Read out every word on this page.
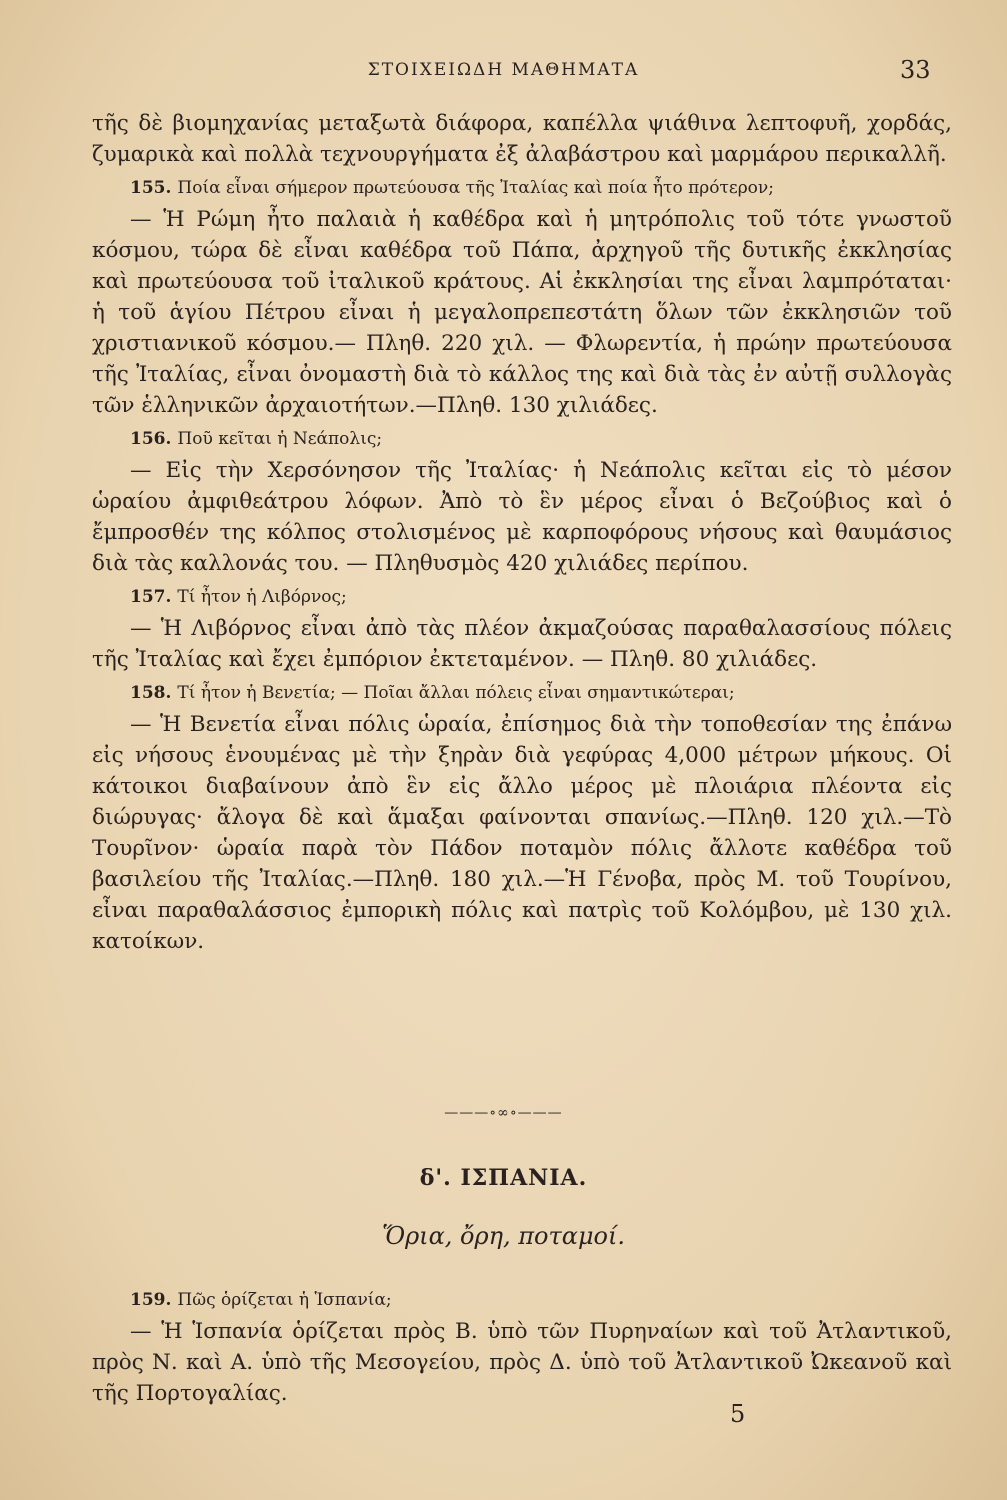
ΣΤΟΙΧΕΙΩΔΗ ΜΑΘΗΜΑΤΑ	33

τῆς δὲ βιομηχανίας μεταξωτὰ διάφορα, καπέλλα ψιάθινα λεπτοφυῆ, χορδάς, ζυμαρικὰ καὶ πολλὰ τεχνουργήματα ἐξ ἀλαβάστρου καὶ μαρμάρου περικαλλῆ.

155. Ποία εἶναι σήμερον πρωτεύουσα τῆς Ἰταλίας καὶ ποία ἦτο πρότερον;

— Ἡ Ρώμη ἦτο παλαιὰ ἡ καθέδρα καὶ ἡ μητρόπολις τοῦ τότε γνωστοῦ κόσμου, τώρα δὲ εἶναι καθέδρα τοῦ Πάπα, ἀρχηγοῦ τῆς δυτικῆς ἐκκλησίας καὶ πρωτεύουσα τοῦ ἰταλικοῦ κράτους. Αἱ ἐκκλησίαι της εἶναι λαμπρόταται· ἡ τοῦ ἁγίου Πέτρου εἶναι ἡ μεγαλοπρεπεστάτη ὅλων τῶν ἐκκλησιῶν τοῦ χριστιανικοῦ κόσμου.— Πληθ. 220 χιλ. — Φλωρεντία, ἡ πρώην πρωτεύουσα τῆς Ἰταλίας, εἶναι ὀνομαστὴ διὰ τὸ κάλλος της καὶ διὰ τὰς ἐν αὐτῇ συλλογὰς τῶν ἑλληνικῶν ἀρχαιοτήτων.—Πληθ. 130 χιλιάδες.

156. Ποῦ κεῖται ἡ Νεάπολις;

— Εἰς τὴν Χερσόνησον τῆς Ἰταλίας· ἡ Νεάπολις κεῖται εἰς τὸ μέσον ὡραίου ἀμφιθεάτρου λόφων. Ἀπὸ τὸ ἓν μέρος εἶναι ὁ Βεζούβιος καὶ ὁ ἔμπροσθέν της κόλπος στολισμένος μὲ καρποφόρους νήσους καὶ θαυμάσιος διὰ τὰς καλλονάς του. — Πληθυσμὸς 420 χιλιάδες περίπου.

157. Τί ἦτον ἡ Λιβόρνος;

— Ἡ Λιβόρνος εἶναι ἀπὸ τὰς πλέον ἀκμαζούσας παραθαλασσίους πόλεις τῆς Ἰταλίας καὶ ἔχει ἐμπόριον ἐκτεταμένον. — Πληθ. 80 χιλιάδες.

158. Τί ἦτον ἡ Βενετία; — Ποῖαι ἄλλαι πόλεις εἶναι σημαντικώτεραι;

— Ἡ Βενετία εἶναι πόλις ὡραία, ἐπίσημος διὰ τὴν τοποθεσίαν της ἐπάνω εἰς νήσους ἑνουμένας μὲ τὴν ξηρὰν διὰ γεφύρας 4,000 μέτρων μήκους. Οἱ κάτοικοι διαβαίνουν ἀπὸ ἓν εἰς ἄλλο μέρος μὲ πλοιάρια πλέοντα εἰς διώρυγας· ἄλογα δὲ καὶ ἅμαξαι φαίνονται σπανίως.—Πληθ. 120 χιλ.—Τὸ Τουρῖνον· ὡραία παρὰ τὸν Πάδον ποταμὸν πόλις ἄλλοτε καθέδρα τοῦ βασιλείου τῆς Ἰταλίας.—Πληθ. 180 χιλ.—Ἡ Γένοβα, πρὸς Μ. τοῦ Τουρίνου, εἶναι παραθαλάσσιος ἐμπορικὴ πόλις καὶ πατρὶς τοῦ Κολόμβου, μὲ 130 χιλ. κατοίκων.

———∘∞∘———
δ'. ΙΣΠΑΝΙΑ.
Ὅρια, ὄρη, ποταμοί.
159. Πῶς ὁρίζεται ἡ Ἱσπανία;

— Ἡ Ἱσπανία ὁρίζεται πρὸς Β. ὑπὸ τῶν Πυρηναίων καὶ τοῦ Ἀτλαντικοῦ, πρὸς Ν. καὶ Α. ὑπὸ τῆς Μεσογείου, πρὸς Δ. ὑπὸ τοῦ Ἀτλαντικοῦ Ὠκεανοῦ καὶ τῆς Πορτογαλίας.

5
